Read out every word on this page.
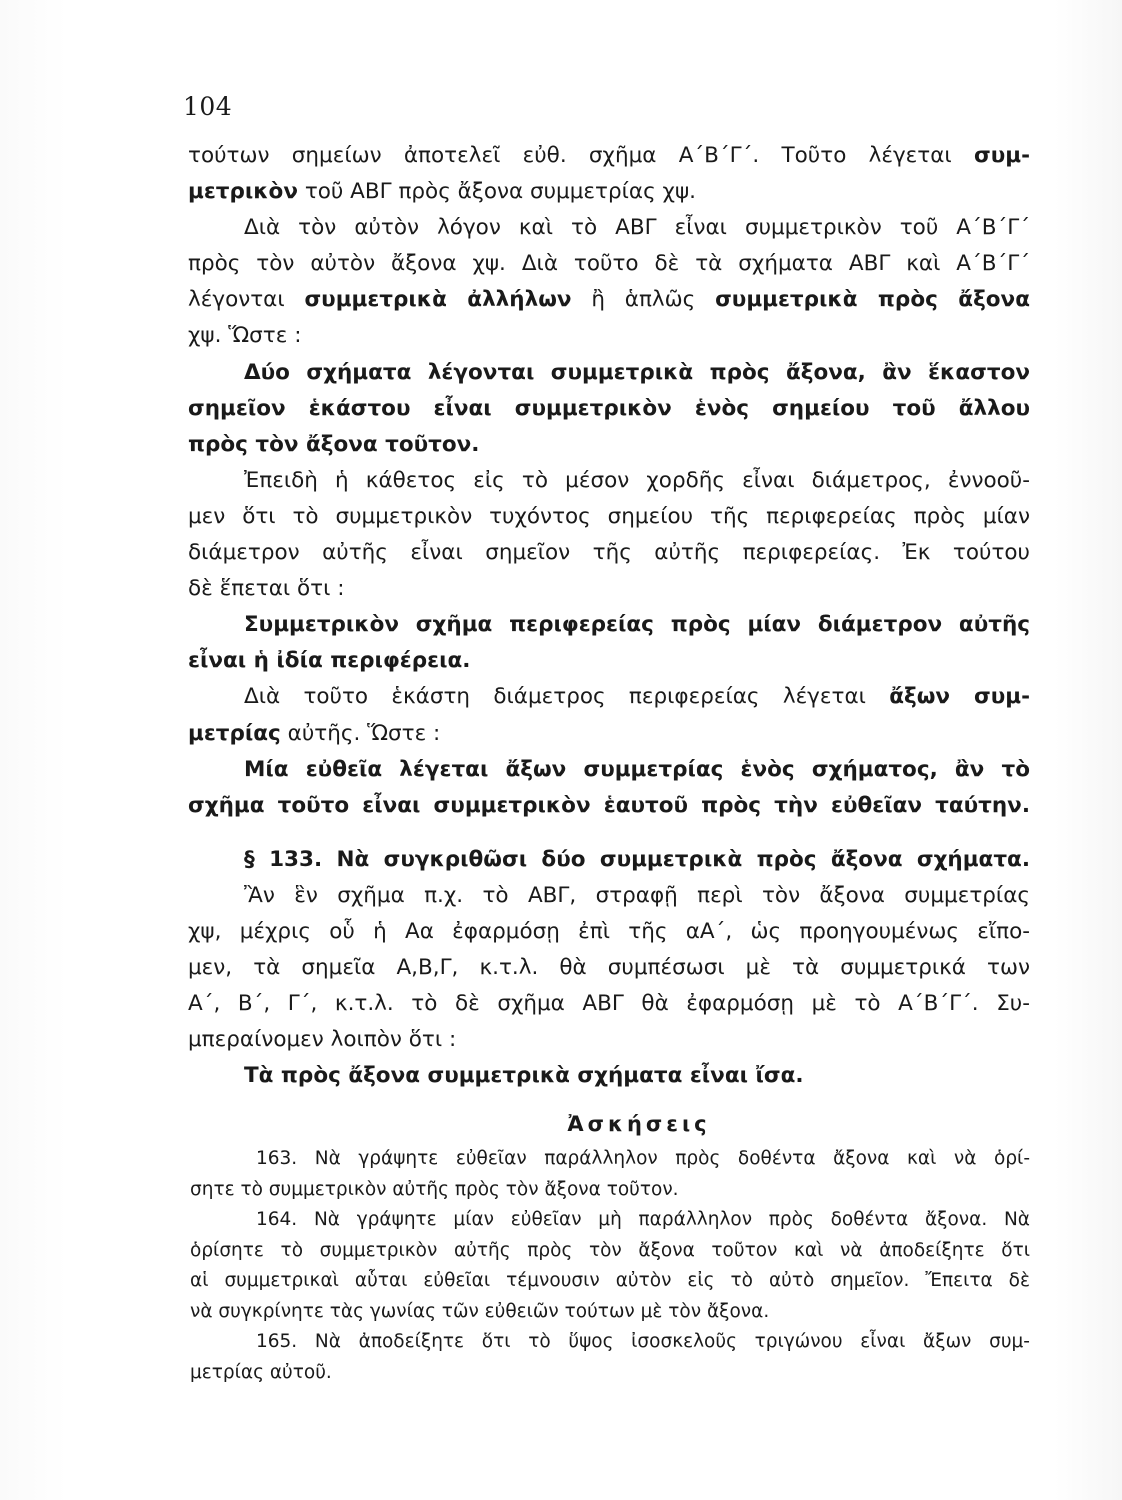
104
τούτων σημείων ἀποτελεῖ εὐθ. σχῆμα Α΄Β΄Γ΄. Τοῦτο λέγεται συμ-
μετρικὸν τοῦ ΑΒΓ πρὸς ἄξονα συμμετρίας χψ.
Διὰ τὸν αὐτὸν λόγον καὶ τὸ ΑΒΓ εἶναι συμμετρικὸν τοῦ Α΄Β΄Γ΄
πρὸς τὸν αὐτὸν ἄξονα χψ. Διὰ τοῦτο δὲ τὰ σχήματα ΑΒΓ καὶ Α΄Β΄Γ΄
λέγονται συμμετρικὰ ἀλλήλων ἢ ἁπλῶς συμμετρικὰ πρὸς ἄξονα
χψ. Ὥστε :
Δύο σχήματα λέγονται συμμετρικὰ πρὸς ἄξονα, ἂν ἕκαστον
σημεῖον ἑκάστου εἶναι συμμετρικὸν ἑνὸς σημείου τοῦ ἄλλου
πρὸς τὸν ἄξονα τοῦτον.
Ἐπειδὴ ἡ κάθετος εἰς τὸ μέσον χορδῆς εἶναι διάμετρος, ἐννοοῦ-
μεν ὅτι τὸ συμμετρικὸν τυχόντος σημείου τῆς περιφερείας πρὸς μίαν
διάμετρον αὐτῆς εἶναι σημεῖον τῆς αὐτῆς περιφερείας. Ἐκ τούτου
δὲ ἕπεται ὅτι :
Συμμετρικὸν σχῆμα περιφερείας πρὸς μίαν διάμετρον αὐτῆς
εἶναι ἡ ἰδία περιφέρεια.
Διὰ τοῦτο ἑκάστη διάμετρος περιφερείας λέγεται ἄξων συμ-
μετρίας αὐτῆς. Ὥστε :
Μία εὐθεῖα λέγεται ἄξων συμμετρίας ἑνὸς σχήματος, ἂν τὸ
σχῆμα τοῦτο εἶναι συμμετρικὸν ἑαυτοῦ πρὸς τὴν εὐθεῖαν ταύτην.
§ 133. Νὰ συγκριθῶσι δύο συμμετρικὰ πρὸς ἄξονα σχήματα.
Ἂν ἓν σχῆμα π.χ. τὸ ΑΒΓ, στραφῇ περὶ τὸν ἄξονα συμμετρίας
χψ, μέχρις οὗ ἡ Αα ἐφαρμόσῃ ἐπὶ τῆς αΑ΄, ὡς προηγουμένως εἴπο-
μεν, τὰ σημεῖα Α,Β,Γ, κ.τ.λ. θὰ συμπέσωσι μὲ τὰ συμμετρικά των
Α΄, Β΄, Γ΄, κ.τ.λ. τὸ δὲ σχῆμα ΑΒΓ θὰ ἐφαρμόσῃ μὲ τὸ Α΄Β΄Γ΄. Συ-
μπεραίνομεν λοιπὸν ὅτι :
Τὰ πρὸς ἄξονα συμμετρικὰ σχήματα εἶναι ἴσα.
Ἀσκήσεις
163. Νὰ γράψητε εὐθεῖαν παράλληλον πρὸς δοθέντα ἄξονα καὶ νὰ ὁρί-
σητε τὸ συμμετρικὸν αὐτῆς πρὸς τὸν ἄξονα τοῦτον.
164. Νὰ γράψητε μίαν εὐθεῖαν μὴ παράλληλον πρὸς δοθέντα ἄξονα. Νὰ
ὁρίσητε τὸ συμμετρικὸν αὐτῆς πρὸς τὸν ἄξονα τοῦτον καὶ νὰ ἀποδείξητε ὅτι
αἱ συμμετρικαὶ αὗται εὐθεῖαι τέμνουσιν αὐτὸν εἰς τὸ αὐτὸ σημεῖον. Ἔπειτα δὲ
νὰ συγκρίνητε τὰς γωνίας τῶν εὐθειῶν τούτων μὲ τὸν ἄξονα.
165. Νὰ ἀποδείξητε ὅτι τὸ ὕψος ἰσοσκελοῦς τριγώνου εἶναι ἄξων συμ-
μετρίας αὐτοῦ.
